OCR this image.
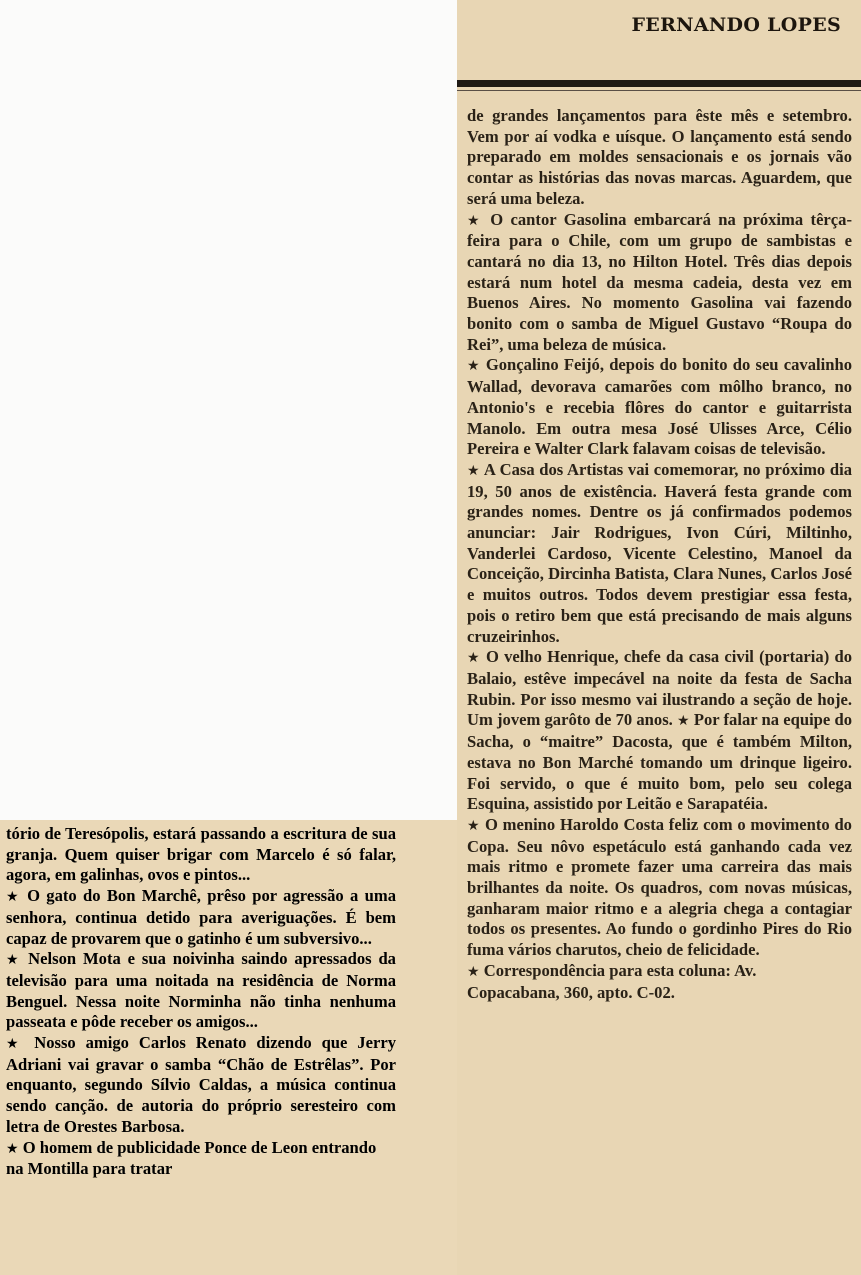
FERNANDO LOPES

de grandes lançamentos para êste mês e setembro. Vem por aí vodka e uísque. O lançamento está sendo preparado em moldes sensacionais e os jornais vão contar as histórias das novas marcas. Aguardem, que será uma beleza.

★ O cantor Gasolina embarcará na próxima têrça-feira para o Chile, com um grupo de sambistas e cantará no dia 13, no Hilton Hotel. Três dias depois estará num hotel da mesma cadeia, desta vez em Buenos Aires. No momento Gasolina vai fazendo bonito com o samba de Miguel Gustavo “Roupa do Rei”, uma beleza de música.

★ Gonçalino Feijó, depois do bonito do seu cavalinho Wallad, devorava camarões com môlho branco, no Antonio's e recebia flôres do cantor e guitarrista Manolo. Em outra mesa José Ulisses Arce, Célio Pereira e Walter Clark falavam coisas de televisão.

★ A Casa dos Artistas vai comemorar, no próximo dia 19, 50 anos de existência. Haverá festa grande com grandes nomes. Dentre os já confirmados podemos anunciar: Jair Rodrigues, Ivon Cúri, Miltinho, Vanderlei Cardoso, Vicente Celestino, Manoel da Conceição, Dircinha Batista, Clara Nunes, Carlos José e muitos outros. Todos devem prestigiar essa festa, pois o retiro bem que está precisando de mais alguns cruzeirinhos.

★ O velho Henrique, chefe da casa civil (portaria) do Balaio, estêve impecável na noite da festa de Sacha Rubin. Por isso mesmo vai ilustrando a seção de hoje. Um jovem garôto de 70 anos. ★ Por falar na equipe do Sacha, o “maitre” Dacosta, que é também Milton, estava no Bon Marché tomando um drinque ligeiro. Foi servido, o que é muito bom, pelo seu colega Esquina, assistido por Leitão e Sarapatéia.

★ O menino Haroldo Costa feliz com o movimento do Copa. Seu nôvo espetáculo está ganhando cada vez mais ritmo e promete fazer uma carreira das mais brilhantes da noite. Os quadros, com novas músicas, ganharam maior ritmo e a alegria chega a contagiar todos os presentes. Ao fundo o gordinho Pires do Rio fuma vários charutos, cheio de felicidade.

★ Correspondência para esta coluna: Av. Copacabana, 360, apto. C-02.

tório de Teresópolis, estará passando a escritura de sua granja. Quem quiser brigar com Marcelo é só falar, agora, em galinhas, ovos e pintos...

★ O gato do Bon Marchê, prêso por agressão a uma senhora, continua detido para averiguações. É bem capaz de provarem que o gatinho é um subversivo...

★ Nelson Mota e sua noivinha saindo apressados da televisão para uma noitada na residência de Norma Benguel. Nessa noite Norminha não tinha nenhuma passeata e pôde receber os amigos...

★ Nosso amigo Carlos Renato dizendo que Jerry Adriani vai gravar o samba “Chão de Estrêlas”. Por enquanto, segundo Sílvio Caldas, a música continua sendo canção. de autoria do próprio seresteiro com letra de Orestes Barbosa.

★ O homem de publicidade Ponce de Leon entrando na Montilla para tratar
